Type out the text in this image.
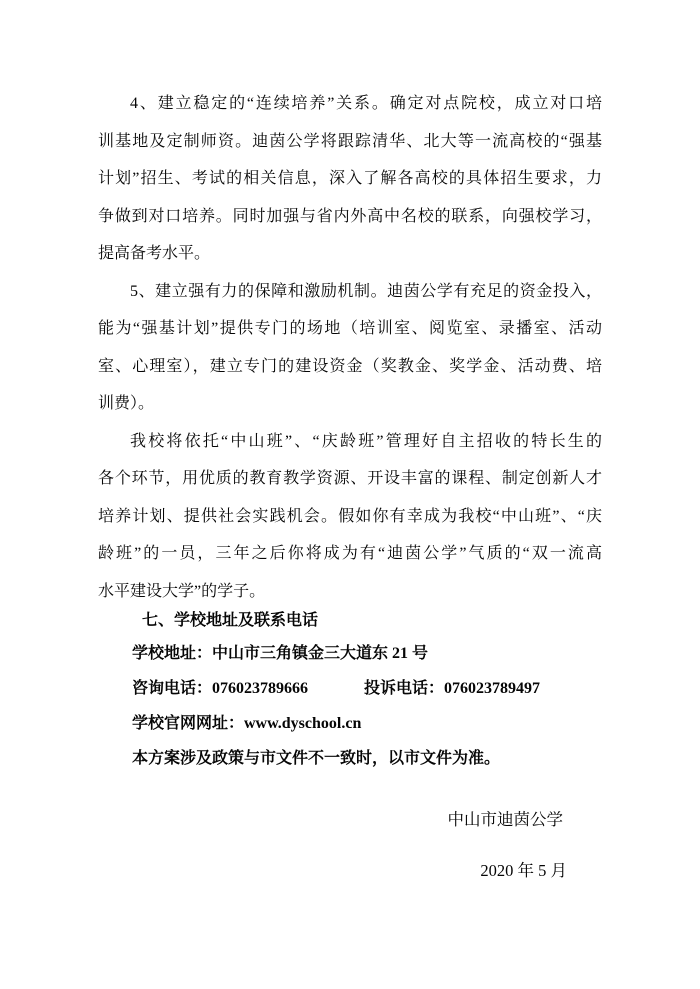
4、建立稳定的“连续培养”关系。确定对点院校，成立对口培
训基地及定制师资。迪茵公学将跟踪清华、北大等一流高校的“强基
计划”招生、考试的相关信息，深入了解各高校的具体招生要求，力
争做到对口培养。同时加强与省内外高中名校的联系，向强校学习，
提高备考水平。
5、建立强有力的保障和激励机制。迪茵公学有充足的资金投入，
能为“强基计划”提供专门的场地（培训室、阅览室、录播室、活动
室、心理室），建立专门的建设资金（奖教金、奖学金、活动费、培
训费）。
我校将依托“中山班”、“庆龄班”管理好自主招收的特长生的
各个环节，用优质的教育教学资源、开设丰富的课程、制定创新人才
培养计划、提供社会实践机会。假如你有幸成为我校“中山班”、“庆
龄班”的一员，三年之后你将成为有“迪茵公学”气质的“双一流高
水平建设大学”的学子。
七、学校地址及联系电话
学校地址：中山市三角镇金三大道东 21 号
咨询电话：076023789666	投诉电话：076023789497
学校官网网址：www.dyschool.cn
本方案涉及政策与市文件不一致时，以市文件为准。
中山市迪茵公学
2020 年 5 月
